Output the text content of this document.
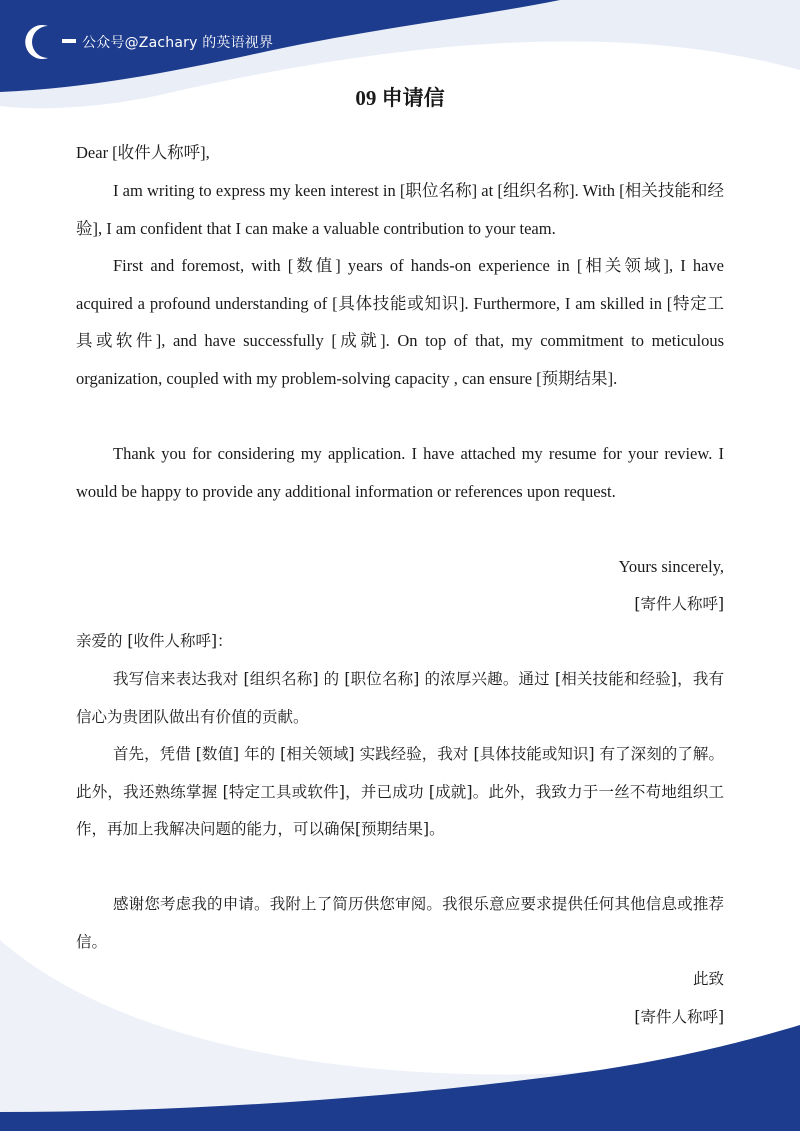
公众号@Zachary 的英语视界
09 申请信
Dear [收件人称呼],
I am writing to express my keen interest in [职位名称] at [组织名称]. With [相关技能和经验], I am confident that I can make a valuable contribution to your team.
First and foremost, with [数值] years of hands-on experience in [相关领域], I have acquired a profound understanding of [具体技能或知识]. Furthermore, I am skilled in [特定工具或软件], and have successfully [成就]. On top of that, my commitment to meticulous organization, coupled with my problem-solving capacity , can ensure [预期结果].
Thank you for considering my application. I have attached my resume for your review. I would be happy to provide any additional information or references upon request.
Yours sincerely,
[寄件人称呼]
亲爱的 [收件人称呼]：
我写信来表达我对 [组织名称] 的 [职位名称] 的浓厚兴趣。通过 [相关技能和经验]，我有信心为贵团队做出有价值的贡献。
首先，凭借 [数值] 年的 [相关领域] 实践经验，我对 [具体技能或知识] 有了深刻的了解。此外，我还熟练掌握 [特定工具或软件]，并已成功 [成就]。此外，我致力于一丝不苟地组织工作，再加上我解决问题的能力，可以确保[预期结果]。
感谢您考虑我的申请。我附上了简历供您审阅。我很乐意应要求提供任何其他信息或推荐信。
此致
[寄件人称呼]
